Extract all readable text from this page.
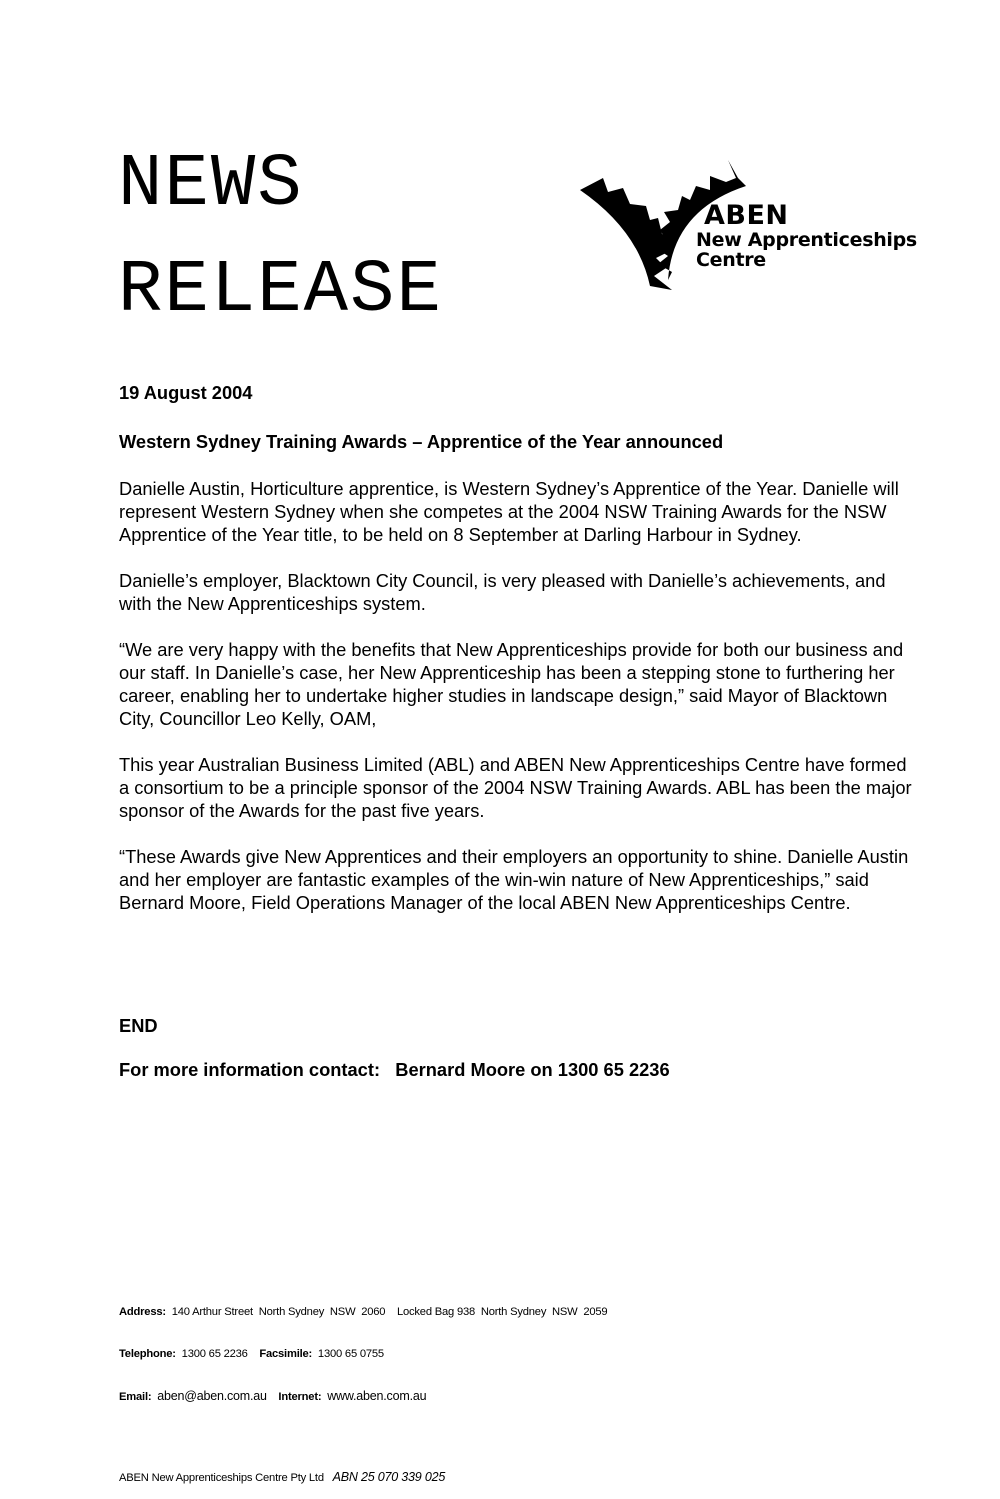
NEWS
RELEASE
ABEN
New Apprenticeships
Centre

19 August 2004

Western Sydney Training Awards – Apprentice of the Year announced

Danielle Austin, Horticulture apprentice, is Western Sydney’s Apprentice of the Year. Danielle will represent Western Sydney when she competes at the 2004 NSW Training Awards for the NSW Apprentice of the Year title, to be held on 8 September at Darling Harbour in Sydney.

Danielle’s employer, Blacktown City Council, is very pleased with Danielle’s achievements, and with the New Apprenticeships system.

“We are very happy with the benefits that New Apprenticeships provide for both our business and our staff. In Danielle’s case, her New Apprenticeship has been a stepping stone to furthering her career, enabling her to undertake higher studies in landscape design,” said Mayor of Blacktown City, Councillor Leo Kelly, OAM,

This year Australian Business Limited (ABL) and ABEN New Apprenticeships Centre have formed a consortium to be a principle sponsor of the 2004 NSW Training Awards. ABL has been the major sponsor of the Awards for the past five years.

“These Awards give New Apprentices and their employers an opportunity to shine. Danielle Austin and her employer are fantastic examples of the win-win nature of New Apprenticeships,” said Bernard Moore, Field Operations Manager of the local ABEN New Apprenticeships Centre.

END
For more information contact: Bernard Moore on 1300 65 2236

Address: 140 Arthur Street  North Sydney  NSW  2060    Locked Bag 938  North Sydney  NSW  2059

Telephone: 1300 65 2236 Facsimile: 1300 65 0755

Email: aben@aben.com.au Internet: www.aben.com.au

ABEN New Apprenticeships Centre Pty Ltd ABN 25 070 339 025
